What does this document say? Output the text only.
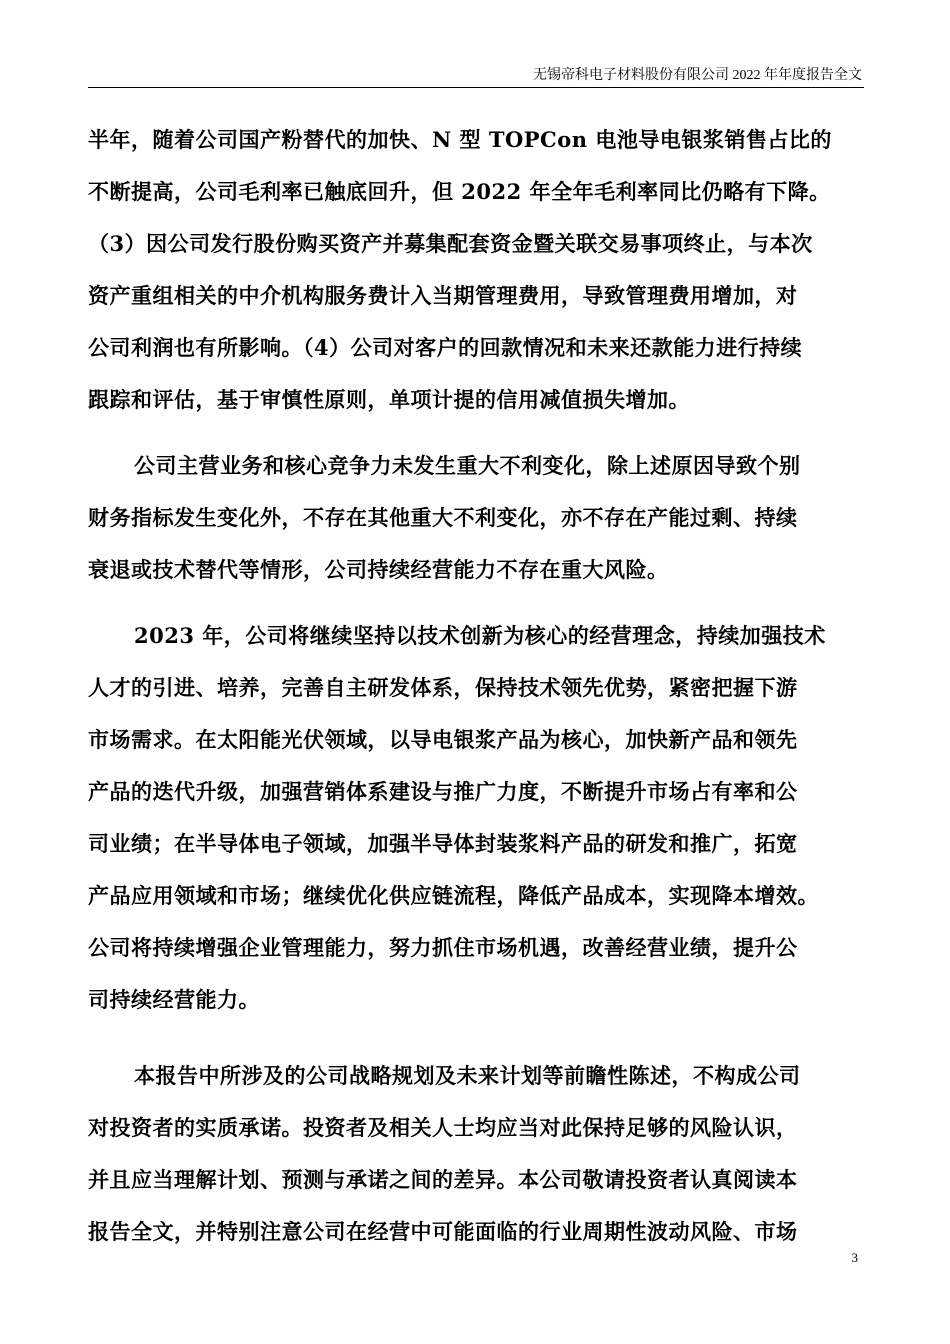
无锡帝科电子材料股份有限公司 2022 年年度报告全文
半年，随着公司国产粉替代的加快、N 型 TOPCon 电池导电银浆销售占比的
不断提高，公司毛利率已触底回升，但 2022 年全年毛利率同比仍略有下降。
（3）因公司发行股份购买资产并募集配套资金暨关联交易事项终止，与本次
资产重组相关的中介机构服务费计入当期管理费用，导致管理费用增加，对
公司利润也有所影响。（4）公司对客户的回款情况和未来还款能力进行持续
跟踪和评估，基于审慎性原则，单项计提的信用减值损失增加。
公司主营业务和核心竞争力未发生重大不利变化，除上述原因导致个别
财务指标发生变化外，不存在其他重大不利变化，亦不存在产能过剩、持续
衰退或技术替代等情形，公司持续经营能力不存在重大风险。
2023 年，公司将继续坚持以技术创新为核心的经营理念，持续加强技术
人才的引进、培养，完善自主研发体系，保持技术领先优势，紧密把握下游
市场需求。在太阳能光伏领域，以导电银浆产品为核心，加快新产品和领先
产品的迭代升级，加强营销体系建设与推广力度，不断提升市场占有率和公
司业绩；在半导体电子领域，加强半导体封装浆料产品的研发和推广，拓宽
产品应用领域和市场；继续优化供应链流程，降低产品成本，实现降本增效。
公司将持续增强企业管理能力，努力抓住市场机遇，改善经营业绩，提升公
司持续经营能力。
本报告中所涉及的公司战略规划及未来计划等前瞻性陈述，不构成公司
对投资者的实质承诺。投资者及相关人士均应当对此保持足够的风险认识，
并且应当理解计划、预测与承诺之间的差异。本公司敬请投资者认真阅读本
报告全文，并特别注意公司在经营中可能面临的行业周期性波动风险、市场
3
